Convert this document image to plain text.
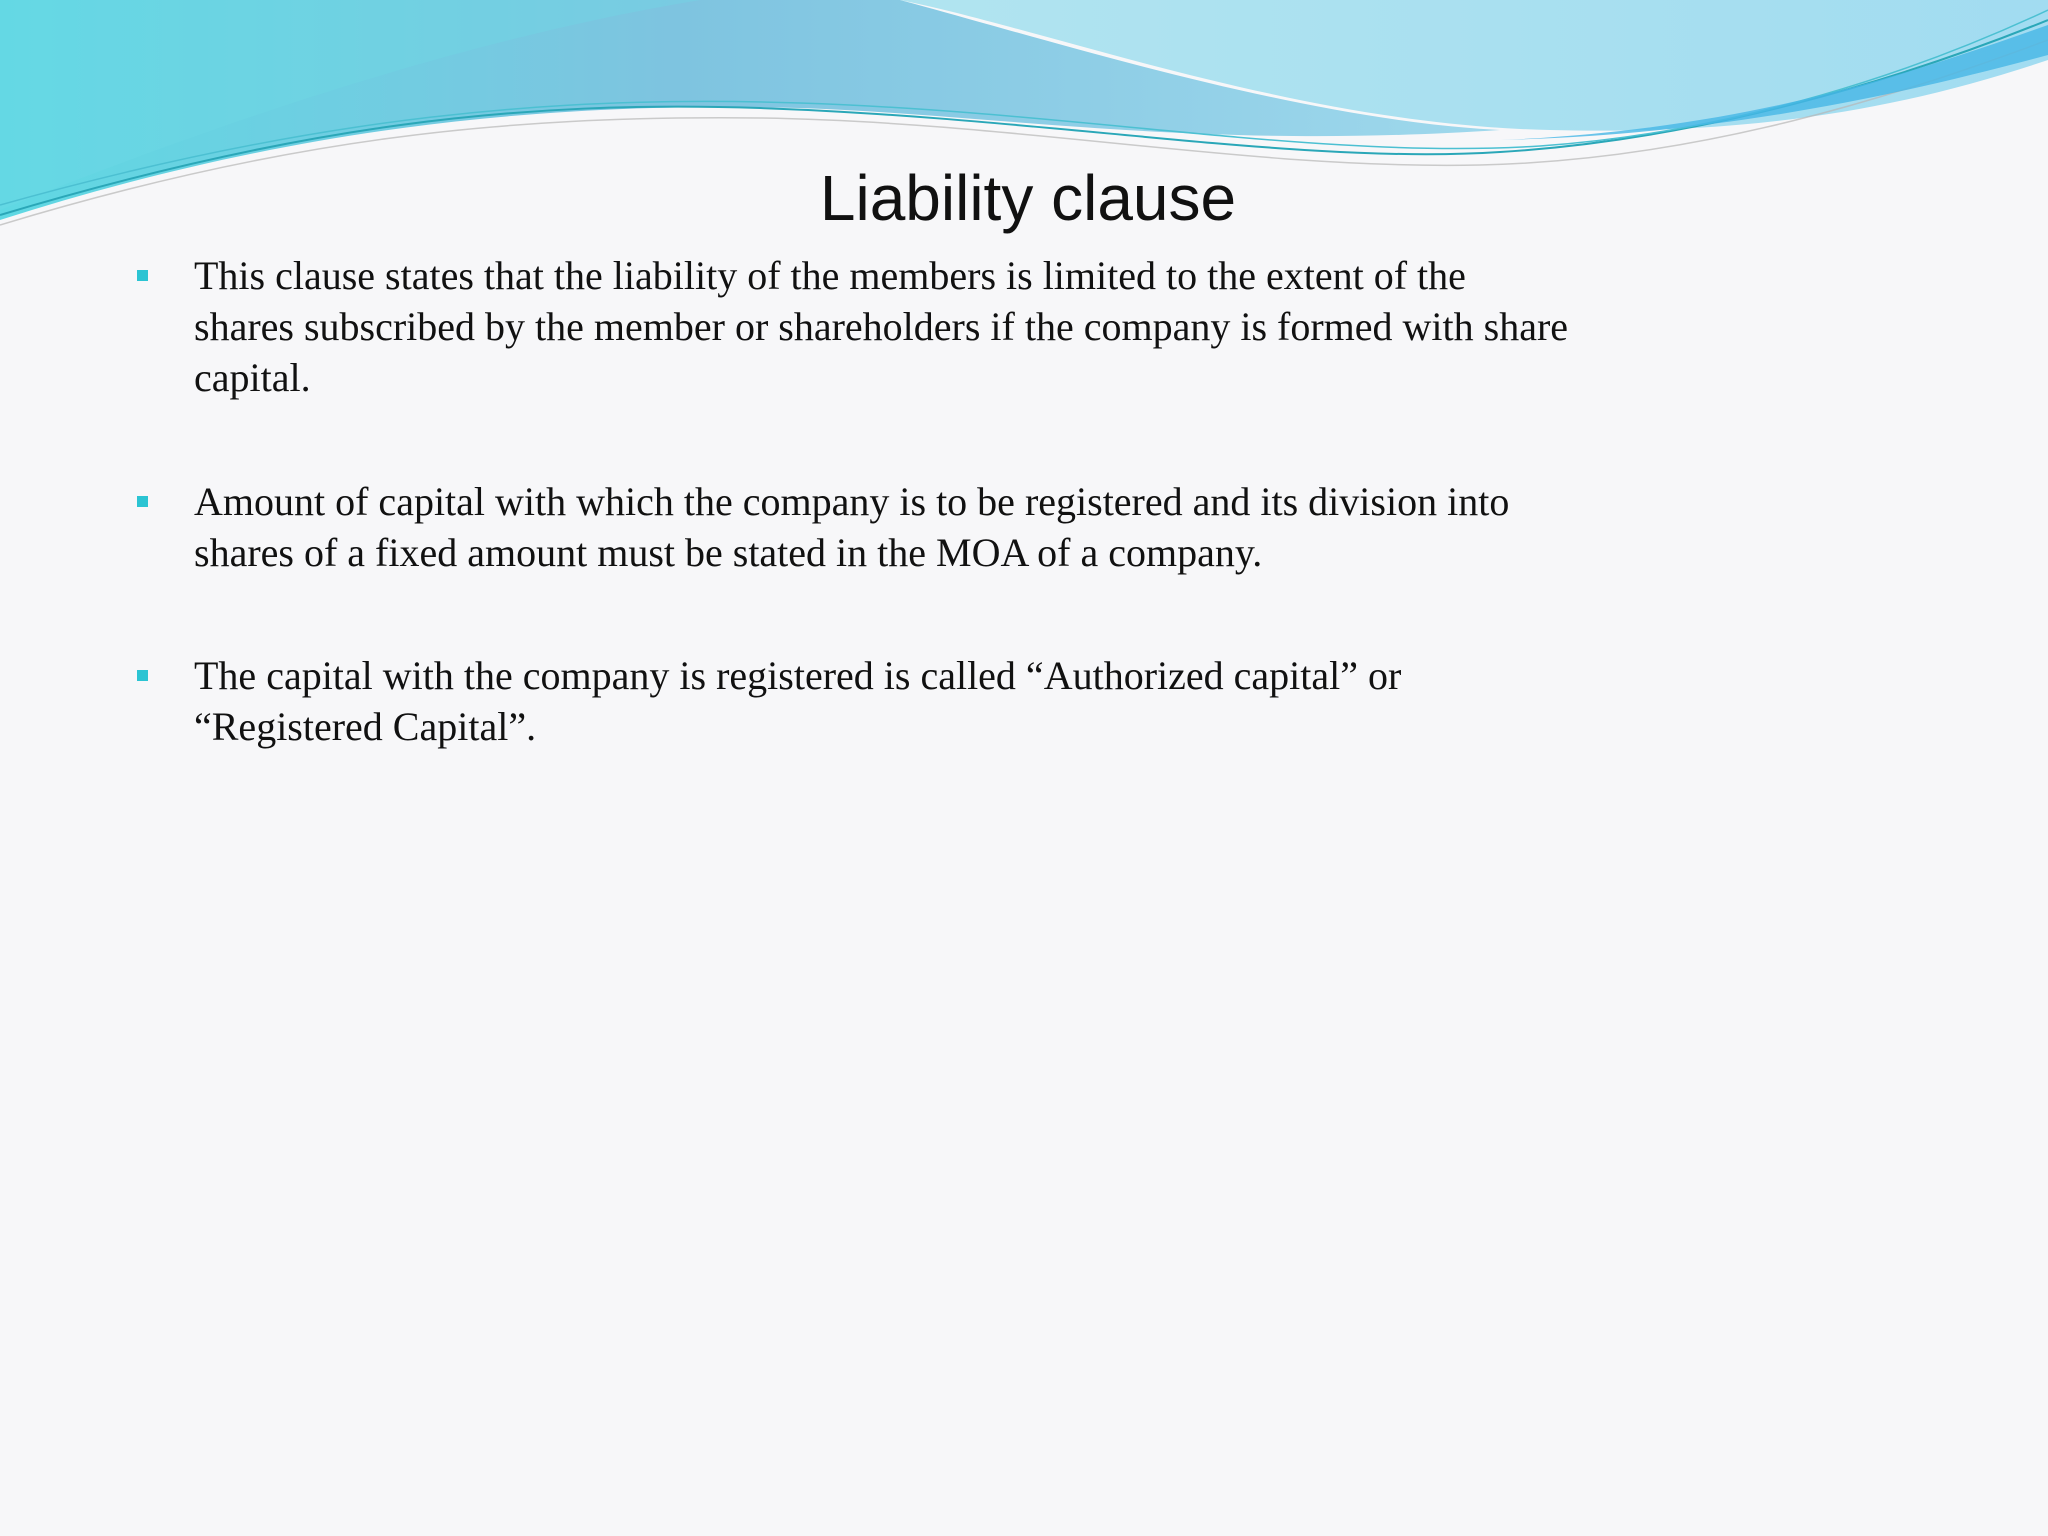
Liability clause

This clause states that the liability of the members is limited to the extent of the
shares subscribed by the member or shareholders if the company is formed with share
capital.

Amount of capital with which the company is to be registered and its division into
shares of a fixed amount must be stated in the MOA of a company.

The capital with the company is registered is called “Authorized capital” or
“Registered Capital”.
